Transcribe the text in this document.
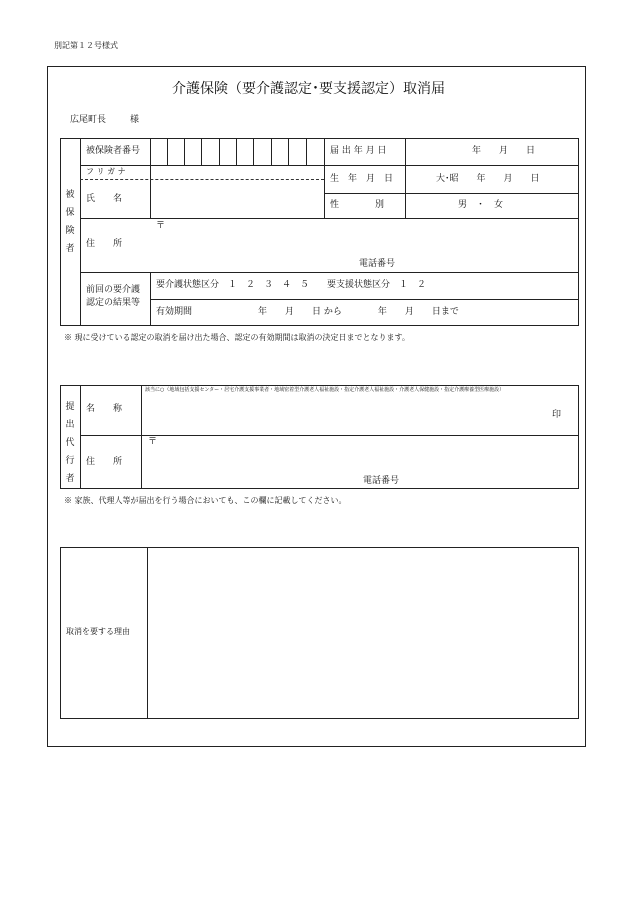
別記第１２号様式
介護保険（要介護認定･要支援認定）取消届
広尾町長	様
被
保
険
者
被保険者番号	届 出 年 月 日	年　　月　　日
フ リ ガ ナ
氏　　名
生　年　月　日	大･昭　　年　　月　　日
性　　　　別	男　・　女
住　　所
〒
電話番号
前回の要介護
認定の結果等
要介護状態区分　１　２　３　４　５　　要支援状態区分　１　２
有効期間	年　　月　　日 から　　　　年　　月　　日まで
※ 現に受けている認定の取消を届け出た場合、認定の有効期間は取消の決定日までとなります。
提
出
代
行
者
名　　称
該当に○（地域包括支援センター・居宅介護支援事業者・地域密着型介護老人福祉施設・指定介護老人福祉施設・介護老人保健施設・指定介護療養型医療施設）
印
住　　所
〒
電話番号
※ 家族、代理人等が届出を行う場合においても、この欄に記載してください。
取消を要する理由
